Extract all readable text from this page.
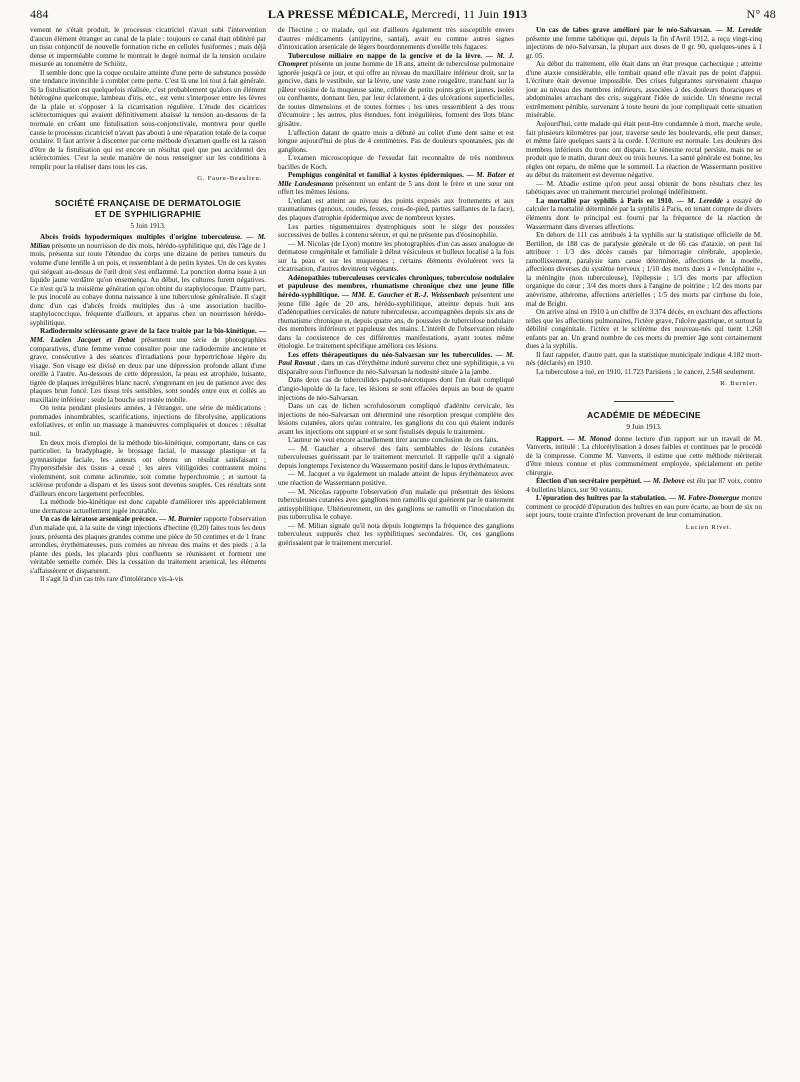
484	LA PRESSE MÉDICALE, Mercredi, 11 Juin 1913	N° 48

vement ne s'était produit, le processus cicatriciel n'avait subi l'intervention d'aucun élément étranger au canal de la plaie : toujours ce canal était oblitéré par un tissu conjonctif de nouvelle formation riche en cellules fusiformes ; mais déjà dense et imperméable comme le montrait le degré normal de la tension oculaire mesurée au tonomètre de Schiötz.

Il semble donc que la coque oculaire atteinte d'une perte de substance possède une tendance invincible à combler cette perte. C'est là une loi tout à fait générale. Si la fistulisation est quelquefois réalisée, c'est probablement qu'alors un élément hétérogène quelconque, lambeau d'iris, etc., est venu s'interposer entre les lèvres de la plaie et s'opposer à la cicatrisation régulière. L'étude des cicatrices sclérectomiques qui avaient définitivement abaissé la tension au-dessous de la normale en créant une fistulisation sous-conjonctivale, montrera pour quelle cause le processus cicatriciel n'avait pas abouti à une réparation totale de la coque oculaire. Il faut arriver à discerner par cette méthode d'examen quelle est la raison d'être de la fistulisation qui est encore un résultat quel que peu accidentel des sclérectomies. C'est la seule manière de nous renseigner sur les conditions à remplir pour la réaliser dans tous les cas.

G. Faure-Beaulieu.
SOCIÉTÉ FRANÇAISE DE DERMATOLOGIE
ET DE SYPHILIGRAPHIE
5 Juin 1913.

Abcès froids hypodermiques multiples d'origine tuberculeuse. — M. Milian présente un nourrisson de dix mois, hérédo-syphilitique qui, dès l'âge de 1 mois, présenta sur toute l'étendue du corps une dizaine de petites tumeurs du volume d'une lentille à un pois, et ressemblant à de petits kystes. Un de ces kystes qui siégeait au-dessus de l'œil droit s'est enflammé. La ponction donna issue à un liquide jaune verdâtre qu'on ensemença. Au début, les cultures furent négatives. Ce n'est qu'à la troisième génération qu'on obtint du staphylocoque. D'autre part, le pus inoculé au cobaye donna naissance à une tuberculose généralisée. Il s'agit donc d'un cas d'abcès froids multiples dus à une association bacillo-staphylococcique, fréquente d'ailleurs, et apparus chez un nourrisson hérédo-syphilitique.

Radiodermite sclérosante grave de la face traitée par la bio-kinétique. — MM. Lucien Jacquet et Debat présentent une série de photographies comparatives, d'une femme venue consulter pour une radiodermite ancienne et grave, consécutive à des séances d'irradiations pour hypertrichose légère du visage. Son visage est divisé en deux par une dépression profonde allant d'une oreille à l'autre. Au-dessous de cette dépression, la peau est atrophiée, luisante, tigrée de plaques irrégulières blanc nacré, s'engrenant en jeu de patience avec des plaques brun foncé. Les tissus très sensibles, sont soudés entre eux et collés au maxillaire inférieur : seule la bouche est restée mobile.

On tenta pendant plusieurs années, à l'étranger, une série de médications : pommades innombrables, scarifications, injections de fibrolysine, applications exfoliatives, et enfin un massage à manœuvres compliquées et douces : résultat nul.

En deux mois d'emploi de la méthode bio-kinétique, comportant, dans ce cas particulier, la bradyphagie, le brossage facial, le massage plastique et la gymnastique faciale, les auteurs ont obtenu un résultat satisfaisant ; l'hyperesthésie des tissus a cessé ; les aires vitiligoïdes contrastent moins violemment, soit comme achromie, soit comme hyperchromie ; et surtout la sclérose profonde a disparu et les tissus sont devenus souples. Ces résultats sont d'ailleurs encore largement perfectibles.

La méthode bio-kinétique est donc capable d'améliorer très appréciablement une dermatose actuellement jugée incurable.

Un cas de kératose arsenicale précoce. — M. Burnier rapporte l'observation d'un malade qui, à la suite de vingt injections d'hectine (0,20) faites tous les deux jours, présenta des plaques grandes comme une pièce de 50 centimes et de 1 franc arrondies, érythémateuses, puis cornées au niveau des mains et des pieds ; à la plante des pieds, les placards plus confluents se réunissent et forment une véritable semelle cornée. Dès la cessation du traitement arsenical, les éléments s'affaissèrent et disparurent.

Il s'agit là d'un cas très rare d'intolérance vis-à-vis

de l'hectine ; ce malade, qui est d'ailleurs également très susceptible envers d'autres médicaments (antipyrine, santal), avait eu comme autres signes d'intoxication arsenicale de légers bourdonnements d'oreille très fugaces.

Tuberculose miliaire en nappe de la gencive et de la lèvre. — M. J. Chompret présente un jeune homme de 18 ans, atteint de tuberculose pulmonaire ignorée jusqu'à ce jour, et qui offre au niveau du maxillaire inférieur droit, sur la gencive, dans le vestibule, sur la lèvre, une vaste zone rougeâtre, tranchant sur la pâleur voisine de la muqueuse saine, criblée de petits points gris et jaunes, isolés ou confluents, donnant lieu, par leur éclatement, à des ulcérations superficielles, de toutes dimensions et de toutes formes ; les unes ressemblent à des trous d'écumoire ; les autres, plus étendues, font irrégulières, forment des îlots blanc grisâtre.

L'affection datant de quatre mois a débuté au collet d'une dent saine et est longue aujourd'hui de plus de 4 centimètres. Pas de douleurs spontanées, pas de ganglions.

L'examen microscopique de l'exsudat fait reconnaître de très nombreux bacilles de Koch.

Pemphigus congénital et familial à kystes épidermiques. — M. Balzer et Mlle Landesmann présentent un enfant de 5 ans dont le frère et une sœur ont offert les mêmes lésions.

L'enfant est atteint au niveau des points exposés aux frottements et aux traumatismes (genoux, coudes, fesses, cous-de-pied, parties saillantes de la face), des plaques d'atrophie épidermique avec de nombreux kystes.

Les parties tégumentaires dystrophiques sont le siège des poussées successives de bulles à contenu séreux, et qui ne présente pas d'éosinophilie.

— M. Nicolas (de Lyon) montre les photographies d'un cas assez analogue de dermatose congénitale et familiale à début vésiculeux et bulleux localisé à la fois sur la peau et sur les muqueuses ; certains éléments évoluèrent vers la cicatrisation, d'autres devinrent végétants.

Adénopathies tuberculeuses cervicales chroniques, tuberculose nodulaire et papuleuse des membres, rhumatisme chronique chez une jeune fille hérédo-syphilitique. — MM. E. Gaucher et R.-J. Weissenbach présentent une jeune fille âgée de 20 ans, hérédo-syphilitique, atteinte depuis huit ans d'adénopathies cervicales de nature tuberculeuse, accompagnées depuis six ans de rhumatisme chronique et, depuis quatre ans, de poussées de tuberculose nodulaire des membres inférieurs et papuleuse des mains. L'intérêt de l'observation réside dans la coexistence de ces différentes manifestations, ayant toutes même étiologie. Le traitement spécifique améliora ces lésions.

Les effets thérapeutiques du néo-Salvarsan sur les tuberculides. — M. Paul Ravaut , dans un cas d'érythème induré survenu chez une syphilitique, a vu disparaître sous l'influence du néo-Salvarsan la nodosité située à la jambe.

Dans deux cas de tuberculides papulo-nécrotiques dont l'un était compliqué d'angio-lupoïde de la face, les lésions se sont effacées depuis au bout de quatre injections de néo-Salvarsan.

Dans un cas de lichen scrofulosorum compliqué d'adénite cervicale, les injections de néo-Salvarsan ont déterminé une résorption presque complète des lésions cutanées, alors qu'au contraire, les ganglions du cou qui étaient indurés avant les injections ont suppuré et se sont fistulisés depuis le traitement.

L'auteur ne veut encore actuellement tirer aucune conclusion de ces faits.

— M. Gaucher a observé des faits semblables de lésions cutanées tuberculeuses guérissant par le traitement mercuriel. Il rappelle qu'il a signalé depuis longtemps l'existence du Wassermann positif dans le lupus érythémateux.

— M. Jacquet a vu également un malade atteint de lupus érythémateux avec une réaction de Wassermann positive.

— M. Nicolas rapporte l'observation d'un malade qui présentait des lésions tuberculeuses cutanées avec ganglions non ramollis qui guérirent par le traitement antisyphilitique. Ultérieurement, un des ganglions se ramollit et l'inoculation du pus tuberculisa le cobaye.

— M. Milian signale qu'il nota depuis longtemps la fréquence des ganglions tuberculeux suppurés chez les syphilitiques secondaires. Or, ces ganglions guérissaient par le traitement mercuriel.

Un cas de tabes grave amélioré par le néo-Salvarsan. — M. Leredde présente une femme tabétique qui, depuis la fin d'Avril 1912, a reçu vingt-cinq injections de néo-Salvarsan, la plupart aux doses de 0 gr. 90, quelques-unes à 1 gr. 05.

Au début du traitement, elle était dans un état presque cachectique ; atteinte d'une ataxie considérable, elle tombait quand elle n'avait pas de point d'appui. L'écriture était devenue impossible. Des crises fulgurantes survenaient chaque jour au niveau des membres inférieurs, associées à des douleurs thoraciques et abdominales arrachant des cris, suggérant l'idée de suicide. Un ténesme rectal extrêmement pénible, survenant à toute heure du jour compliquait cette situation misérable.

Aujourd'hui, cette malade qui était peut-être condamnée à mort, marche seule, fait plusieurs kilomètres par jour, traverse seule les boulevards, elle peut danser, et même faire quelques sauts à la corde. L'écriture est normale. Les douleurs des membres inférieurs du tronc ont disparu. Le ténesme rectal persiste, mais ne se produit que le matin, durant deux ou trois heures. La santé générale est bonne, les règles ont reparu, de même que le sommeil. La réaction de Wassermann positive au début du traitement est devenue négative.

— M. Abadie estime qu'on peut aussi obtenir de bons résultats chez les tabétiques avec un traitement mercuriel prolongé indéfiniment.

La mortalité par syphilis à Paris en 1910. — M. Leredde a essayé de calculer la mortalité déterminée par la syphilis à Paris, en tenant compte de divers éléments dont le principal est fourni par la fréquence de la réaction de Wassermann dans diverses affections.

En dehors de 111 cas attribués à la syphilis sur la statistique officielle de M. Bertillon, de 188 cas de paralysie générale et de 66 cas d'ataxie, on peut lui attribuer : 1/3 des décès causés par hémorragie cérébrale, apoplexie, ramollissement, paralysie sans cause déterminée, affections de la moelle, affections diverses du système nerveux ; 1/10 des morts dues à « l'encéphalite », la méningite (non tuberculeuse), l'épilepsie ; 1/3 des morts par affection organique du cœur ; 3/4 des morts dues à l'angine de poitrine ; 1/2 des morts par anévrisme, athérome, affections artérielles ; 1/5 des morts par cirrhose du foie, mal de Bright.

On arrive ainsi en 1910 à un chiffre de 3.374 décès, en excluant des affections telles que les affections pulmonaires, l'ictère grave, l'ulcère gastrique, et surtout la débilité congénitale. l'ictère et le sclérème des nouveau-nés qui tuent 1.268 enfants par an. Un grand nombre de ces morts du premier âge sont certainement dues à la syphilis.

Il faut rappeler, d'autre part, que la statistique municipale indique 4.182 mort-nés (déclarés) en 1910.

La tuberculose a tué, en 1910, 11.723 Parisiens ; le cancer, 2.548 seulement.

R. Burnier.
ACADÉMIE DE MÉDECINE
9 Juin 1913.

Rapport. — M. Monod donne lecture d'un rapport sur un travail de M. Vanverts, intitulé : La chlorétylisation à doses faibles et continues par le procédé de la compresse. Comme M. Vanverts, il estime que cette méthode mériterait d'être mieux connue et plus communément employée, spécialement en petite chirurgie.

Élection d'un secrétaire perpétuel. — M. Debove est élu par 87 voix, contre 4 bulletins blancs, sur 90 votants.

L'épuration des huîtres par la stabulation. — M. Fabre-Domergue montre comment ce procédé d'épuration des huîtres en eau pure écarte, au bout de six ou sept jours, toute crainte d'infection provenant de leur contamination.

Lucien Rivet.
